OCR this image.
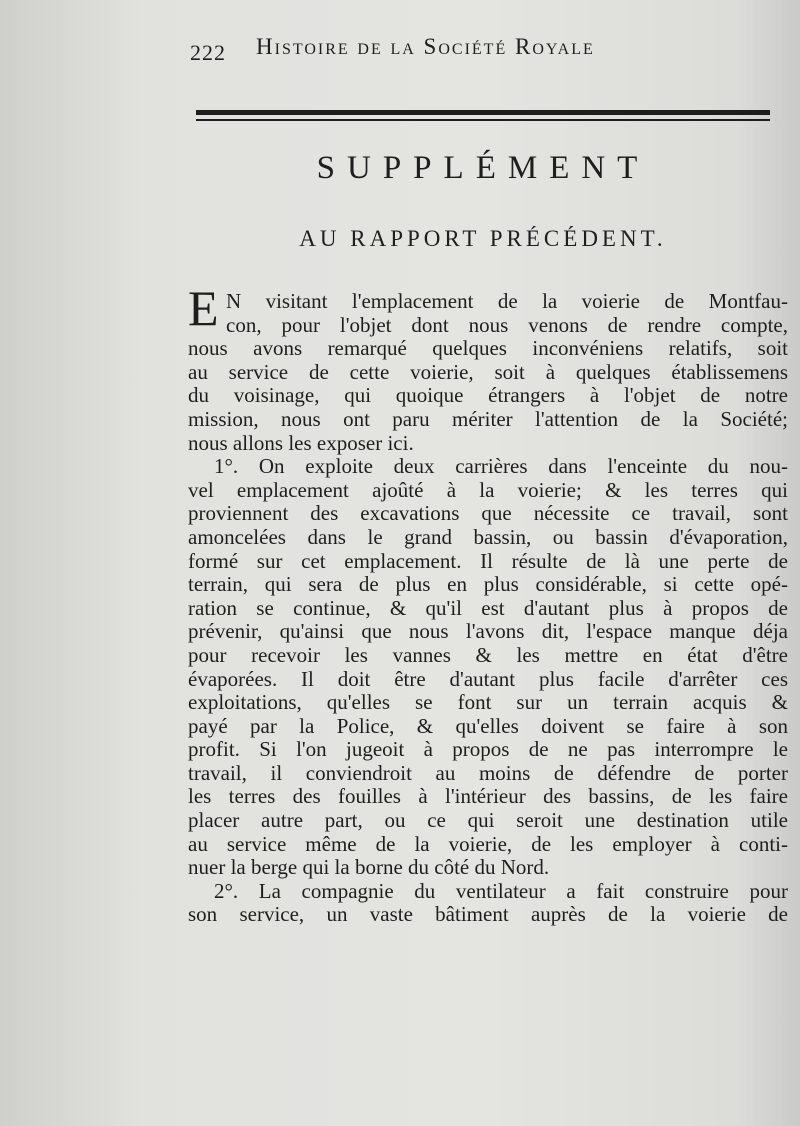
222 Histoire de la Société Royale
SUPPLÉMENT
AU RAPPORT PRÉCÉDENT.
E N visitant l'emplacement de la voierie de Montfau-
con, pour l'objet dont nous venons de rendre compte,
nous avons remarqué quelques inconvéniens relatifs, soit
au service de cette voierie, soit à quelques établissemens
du voisinage, qui quoique étrangers à l'objet de notre
mission, nous ont paru mériter l'attention de la Société;
nous allons les exposer ici.
1°. On exploite deux carrières dans l'enceinte du nou-
vel emplacement ajoûté à la voierie; & les terres qui
proviennent des excavations que nécessite ce travail, sont
amoncelées dans le grand bassin, ou bassin d'évaporation,
formé sur cet emplacement. Il résulte de là une perte de
terrain, qui sera de plus en plus considérable, si cette opé-
ration se continue, & qu'il est d'autant plus à propos de
prévenir, qu'ainsi que nous l'avons dit, l'espace manque déja
pour recevoir les vannes & les mettre en état d'être
évaporées. Il doit être d'autant plus facile d'arrêter ces
exploitations, qu'elles se font sur un terrain acquis &
payé par la Police, & qu'elles doivent se faire à son
profit. Si l'on jugeoit à propos de ne pas interrompre le
travail, il conviendroit au moins de défendre de porter
les terres des fouilles à l'intérieur des bassins, de les faire
placer autre part, ou ce qui seroit une destination utile
au service même de la voierie, de les employer à conti-
nuer la berge qui la borne du côté du Nord.
2°. La compagnie du ventilateur a fait construire pour
son service, un vaste bâtiment auprès de la voierie de
